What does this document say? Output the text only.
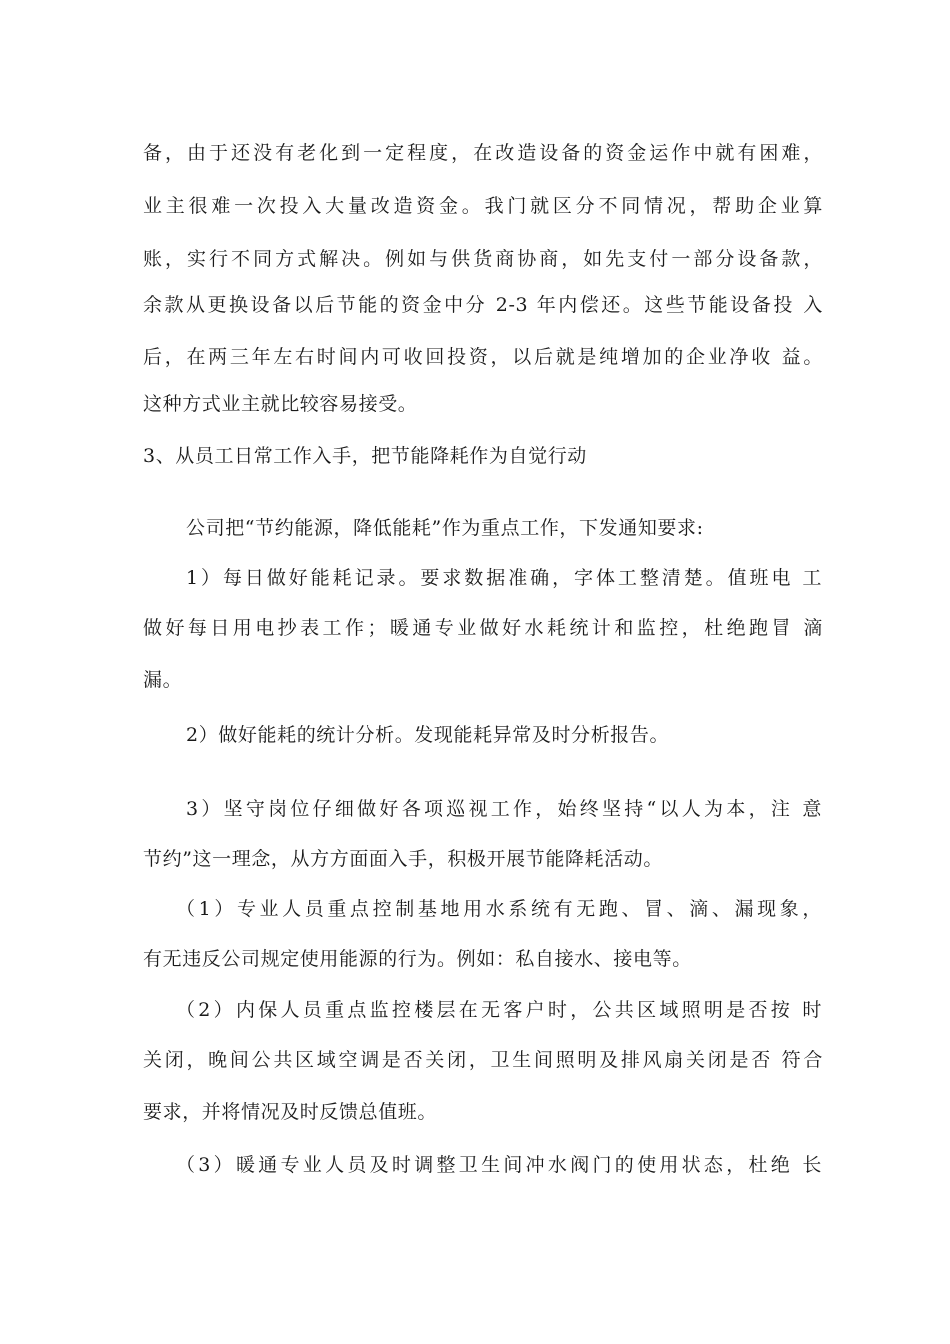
备，由于还没有老化到一定程度，在改造设备的资金运作中就有困难，
业主很难一次投入大量改造资金。我门就区分不同情况，帮助企业算
账，实行不同方式解决。例如与供货商协商，如先支付一部分设备款，
余款从更换设备以后节能的资金中分 2-3 年内偿还。这些节能设备投 入
后，在两三年左右时间内可收回投资，以后就是纯增加的企业净收 益。
这种方式业主就比较容易接受。
3、从员工日常工作入手，把节能降耗作为自觉行动
公司把“节约能源，降低能耗”作为重点工作，下发通知要求:
1）每日做好能耗记录。要求数据准确，字体工整清楚。值班电 工
做好每日用电抄表工作；暖通专业做好水耗统计和监控，杜绝跑冒 滴
漏。
2）做好能耗的统计分析。发现能耗异常及时分析报告。
3）坚守岗位仔细做好各项巡视工作，始终坚持“以人为本，注 意
节约”这一理念，从方方面面入手，积极开展节能降耗活动。
（1）专业人员重点控制基地用水系统有无跑、冒、滴、漏现象，
有无违反公司规定使用能源的行为。例如：私自接水、接电等。
（2）内保人员重点监控楼层在无客户时，公共区域照明是否按 时
关闭，晚间公共区域空调是否关闭，卫生间照明及排风扇关闭是否 符合
要求，并将情况及时反馈总值班。
（3）暖通专业人员及时调整卫生间冲水阀门的使用状态，杜绝 长
